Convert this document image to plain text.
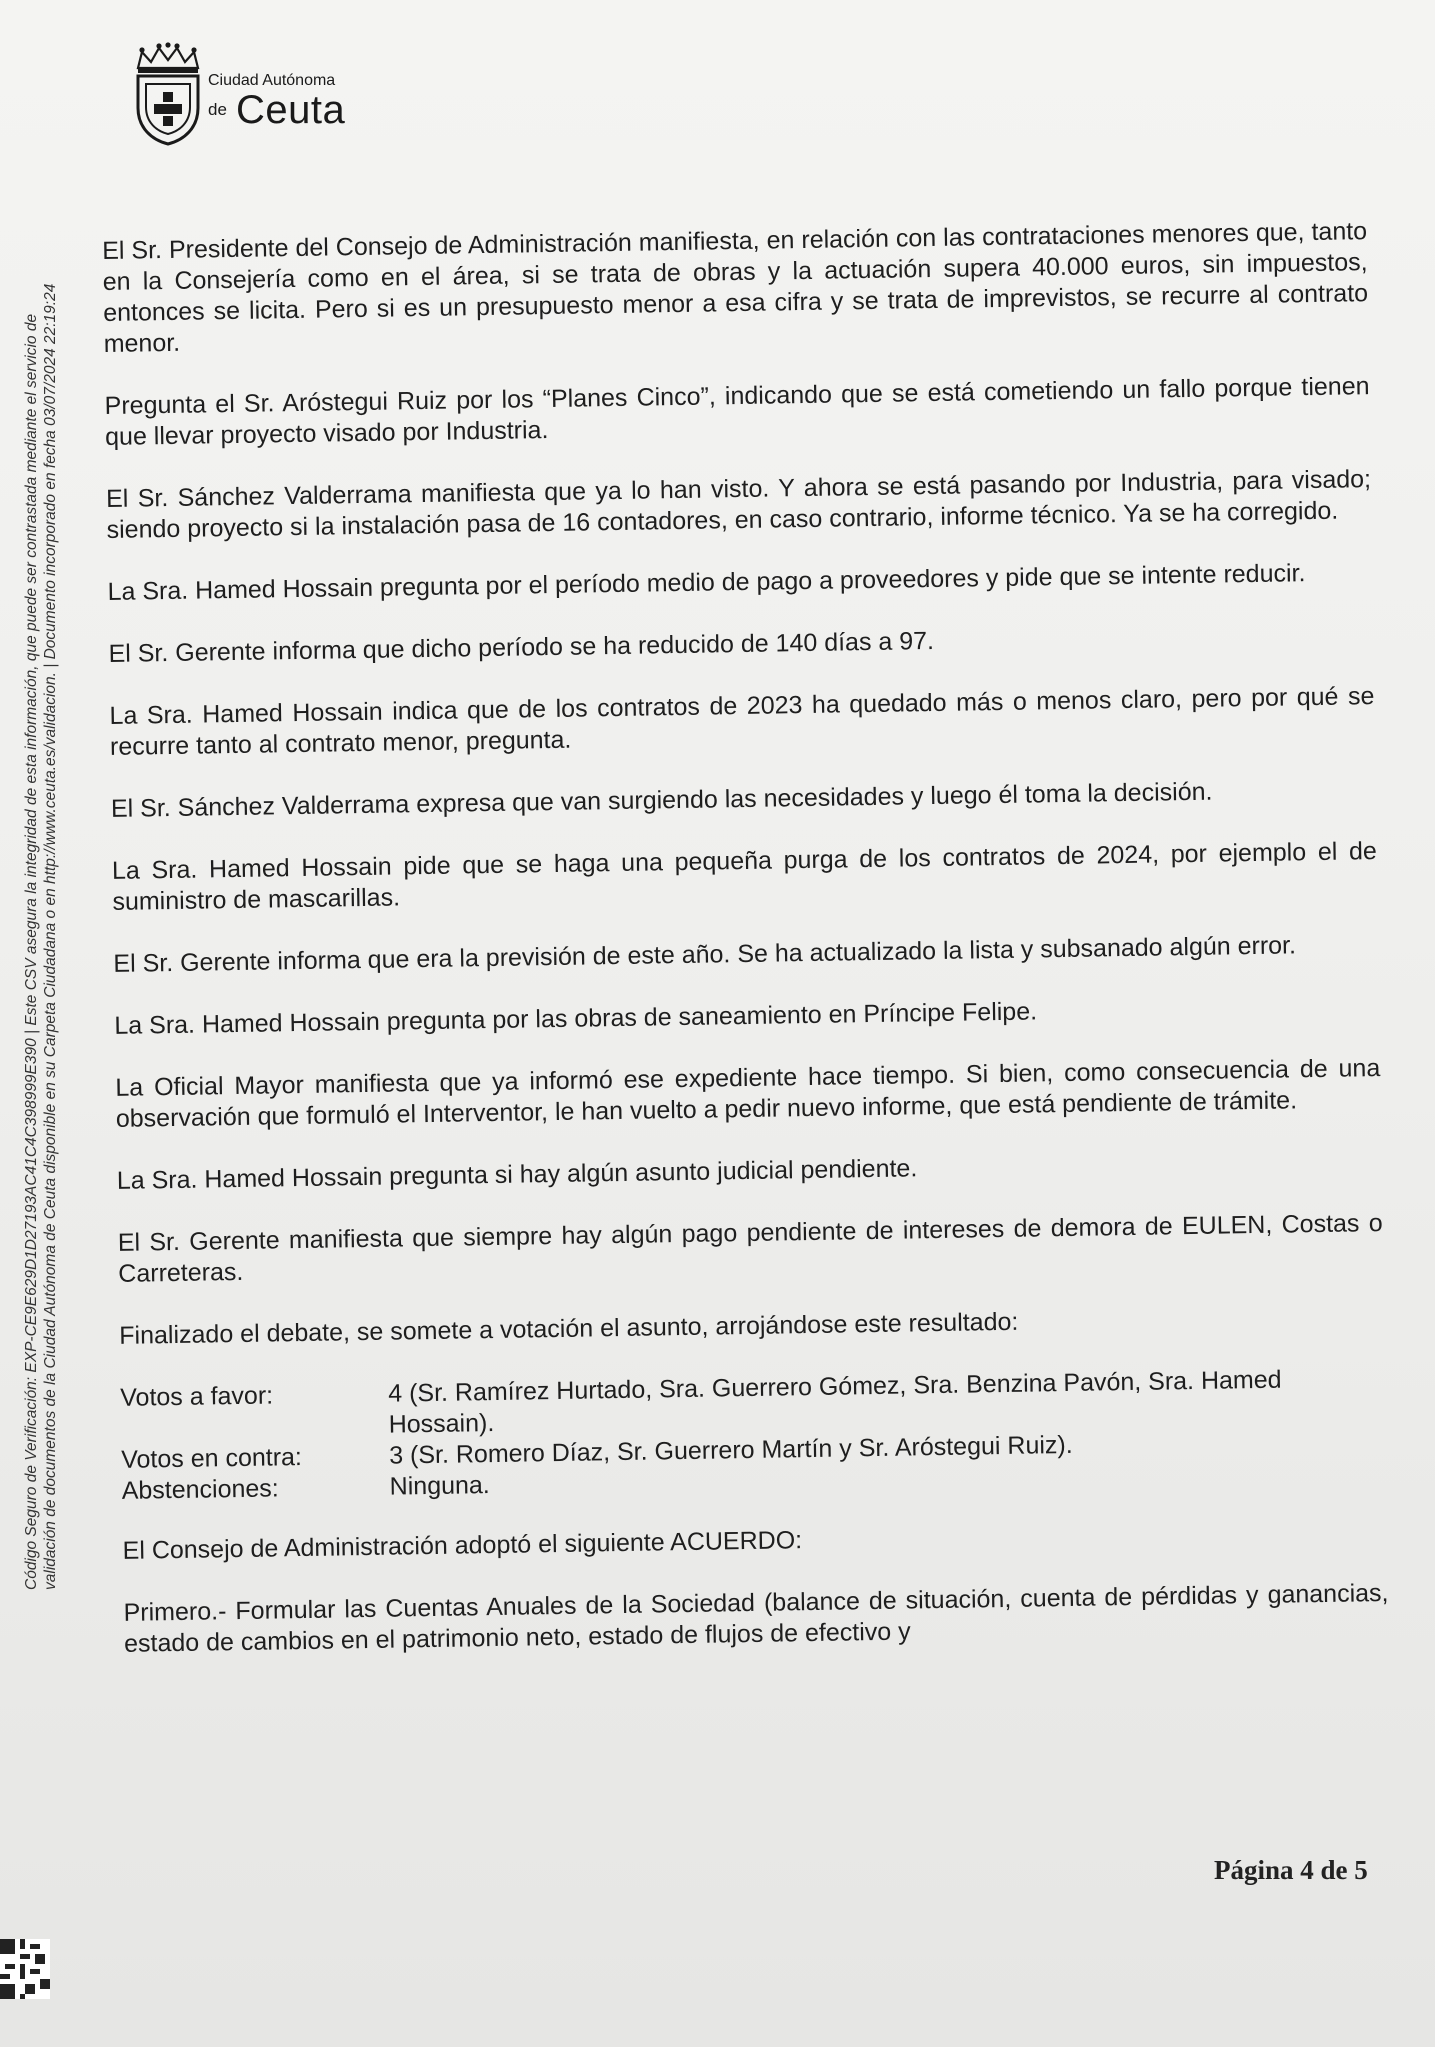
Ciudad Autónoma
de Ceuta
Código Seguro de Verificación: EXP-CE9E629D1D27193AC41C4C398999E390 | Este CSV asegura la integridad de esta información, que puede ser contrastada mediante el servicio de validación de documentos de la Ciudad Autónoma de Ceuta disponible en su Carpeta Ciudadana o en http://www.ceuta.es/validacion. | Documento incorporado en fecha 03/07/2024 22:19:24

El Sr. Presidente del Consejo de Administración manifiesta, en relación con las contrataciones menores que, tanto en la Consejería como en el área, si se trata de obras y la actuación supera 40.000 euros, sin impuestos, entonces se licita. Pero si es un presupuesto menor a esa cifra y se trata de imprevistos, se recurre al contrato menor.

Pregunta el Sr. Aróstegui Ruiz por los “Planes Cinco”, indicando que se está cometiendo un fallo porque tienen que llevar proyecto visado por Industria.

El Sr. Sánchez Valderrama manifiesta que ya lo han visto. Y ahora se está pasando por Industria, para visado; siendo proyecto si la instalación pasa de 16 contadores, en caso contrario, informe técnico. Ya se ha corregido.

La Sra. Hamed Hossain pregunta por el período medio de pago a proveedores y pide que se intente reducir.

El Sr. Gerente informa que dicho período se ha reducido de 140 días a 97.

La Sra. Hamed Hossain indica que de los contratos de 2023 ha quedado más o menos claro, pero por qué se recurre tanto al contrato menor, pregunta.

El Sr. Sánchez Valderrama expresa que van surgiendo las necesidades y luego él toma la decisión.

La Sra. Hamed Hossain pide que se haga una pequeña purga de los contratos de 2024, por ejemplo el de suministro de mascarillas.

El Sr. Gerente informa que era la previsión de este año. Se ha actualizado la lista y subsanado algún error.

La Sra. Hamed Hossain pregunta por las obras de saneamiento en Príncipe Felipe.

La Oficial Mayor manifiesta que ya informó ese expediente hace tiempo. Si bien, como consecuencia de una observación que formuló el Interventor, le han vuelto a pedir nuevo informe, que está pendiente de trámite.

La Sra. Hamed Hossain pregunta si hay algún asunto judicial pendiente.

El Sr. Gerente manifiesta que siempre hay algún pago pendiente de intereses de demora de EULEN, Costas o Carreteras.

Finalizado el debate, se somete a votación el asunto, arrojándose este resultado:

Votos a favor:	4 (Sr. Ramírez Hurtado, Sra. Guerrero Gómez, Sra. Benzina Pavón, Sra. Hamed Hossain).
Votos en contra:	3 (Sr. Romero Díaz, Sr. Guerrero Martín y Sr. Aróstegui Ruiz).
Abstenciones:	Ninguna.

El Consejo de Administración adoptó el siguiente ACUERDO:

Primero.- Formular las Cuentas Anuales de la Sociedad (balance de situación, cuenta de pérdidas y ganancias, estado de cambios en el patrimonio neto, estado de flujos de efectivo y

Página 4 de 5
